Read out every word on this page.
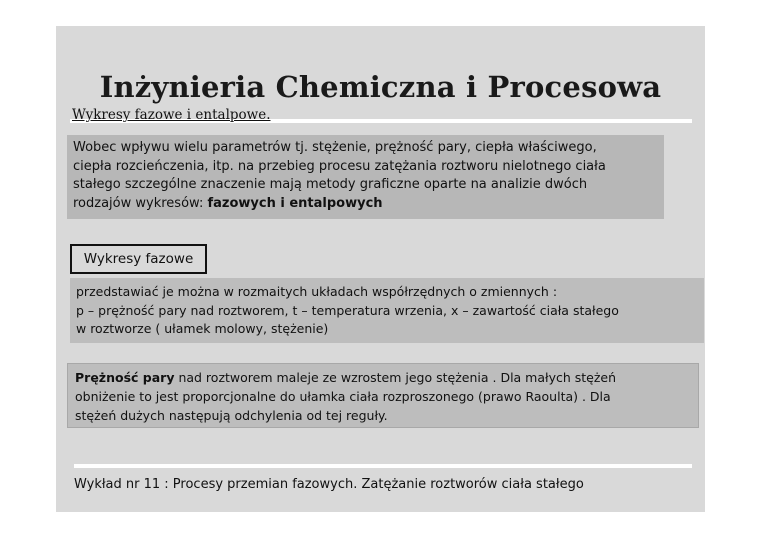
Inżynieria Chemiczna i Procesowa
Wykresy fazowe i entalpowe.
Wobec wpływu wielu parametrów tj. stężenie, prężność pary, ciepła właściwego,
ciepła rozcieńczenia, itp. na przebieg procesu zatężania roztworu nielotnego ciała
stałego szczególne znaczenie mają metody graficzne oparte na analizie dwóch
rodzajów wykresów: fazowych i entalpowych
Wykresy fazowe
przedstawiać je można w rozmaitych układach współrzędnych o zmiennych :
p – prężność pary nad roztworem, t – temperatura wrzenia, x – zawartość ciała stałego
w roztworze ( ułamek molowy, stężenie)
Prężność pary nad roztworem maleje ze wzrostem jego stężenia . Dla małych stężeń
obniżenie to jest proporcjonalne do ułamka ciała rozproszonego (prawo Raoulta) . Dla
stężeń dużych następują odchylenia od tej reguły.
Wykład nr 11 : Procesy przemian fazowych. Zatężanie roztworów ciała stałego
